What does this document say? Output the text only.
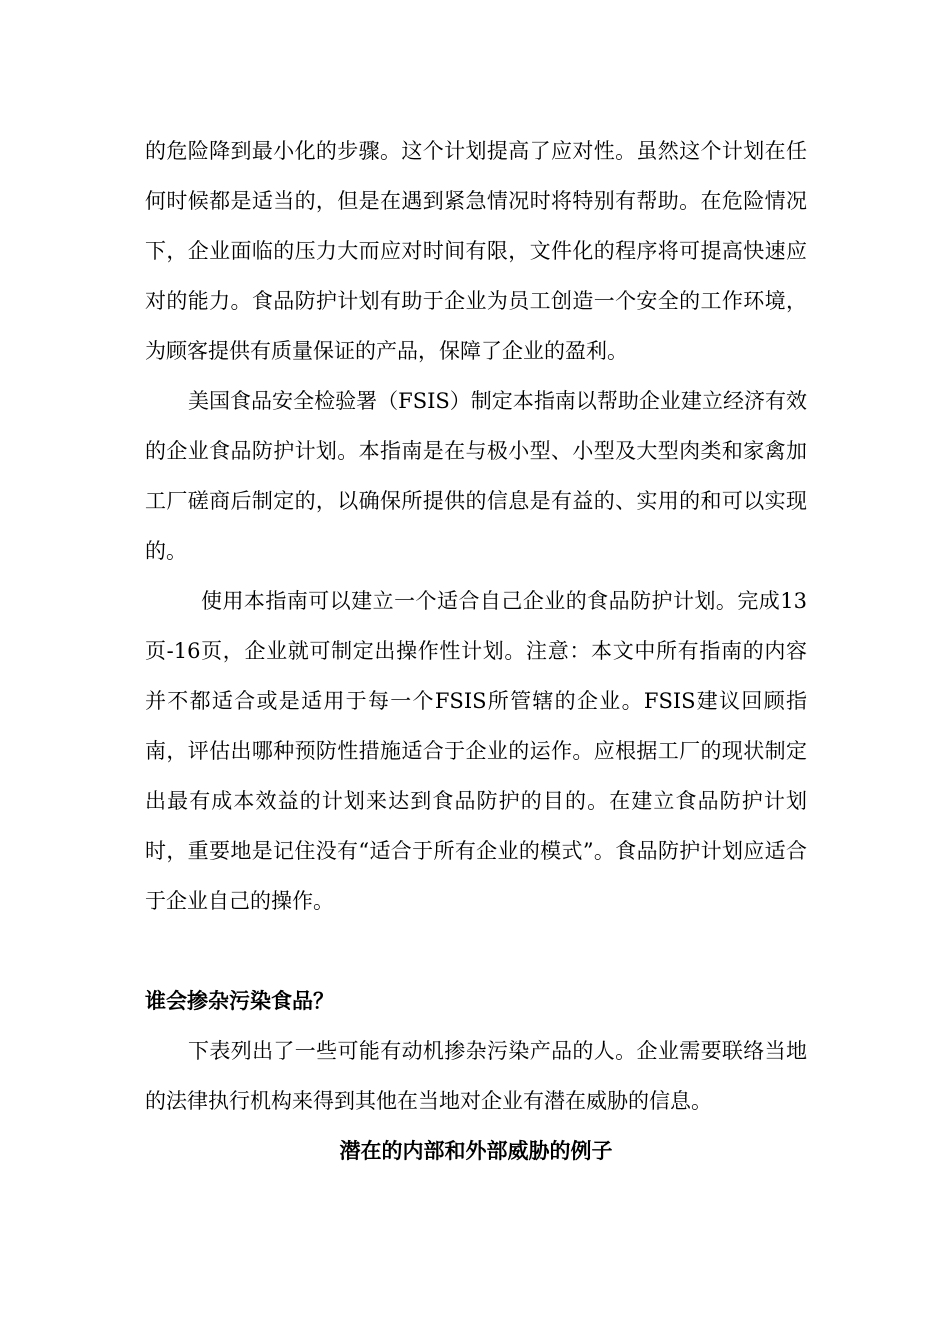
的危险降到最小化的步骤。这个计划提高了应对性。虽然这个计划在任何时候都是适当的，但是在遇到紧急情况时将特别有帮助。在危险情况下，企业面临的压力大而应对时间有限，文件化的程序将可提高快速应对的能力。食品防护计划有助于企业为员工创造一个安全的工作环境，为顾客提供有质量保证的产品，保障了企业的盈利。

美国食品安全检验署（FSIS）制定本指南以帮助企业建立经济有效的企业食品防护计划。本指南是在与极小型、小型及大型肉类和家禽加工厂磋商后制定的，以确保所提供的信息是有益的、实用的和可以实现的。

使用本指南可以建立一个适合自己企业的食品防护计划。完成13页-16页，企业就可制定出操作性计划。注意：本文中所有指南的内容并不都适合或是适用于每一个FSIS所管辖的企业。FSIS建议回顾指南，评估出哪种预防性措施适合于企业的运作。应根据工厂的现状制定出最有成本效益的计划来达到食品防护的目的。在建立食品防护计划时，重要地是记住没有“适合于所有企业的模式”。食品防护计划应适合于企业自己的操作。

谁会掺杂污染食品？

下表列出了一些可能有动机掺杂污染产品的人。企业需要联络当地的法律执行机构来得到其他在当地对企业有潜在威胁的信息。

潜在的内部和外部威胁的例子
